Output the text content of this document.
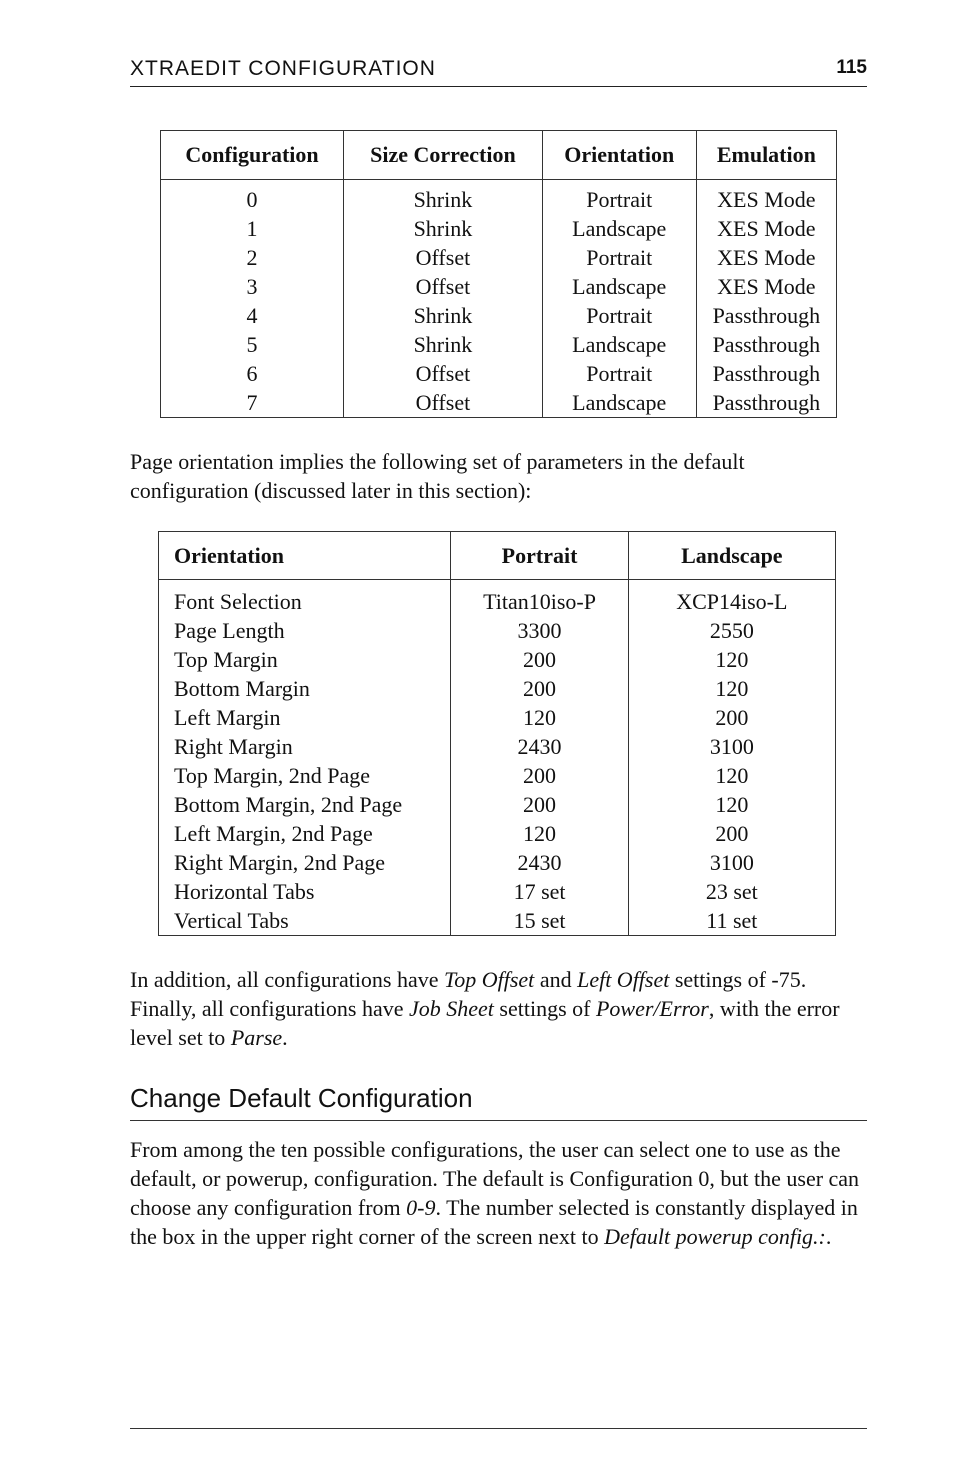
XTRAEDIT CONFIGURATION	115
Configuration	Size Correction	Orientation	Emulation
0	Shrink	Portrait	XES Mode
1	Shrink	Landscape	XES Mode
2	Offset	Portrait	XES Mode
3	Offset	Landscape	XES Mode
4	Shrink	Portrait	Passthrough
5	Shrink	Landscape	Passthrough
6	Offset	Portrait	Passthrough
7	Offset	Landscape	Passthrough

Page orientation implies the following set of parameters in the default configuration (discussed later in this section):

Orientation	Portrait	Landscape
Font Selection	Titan10iso-P	XCP14iso-L
Page Length	3300	2550
Top Margin	200	120
Bottom Margin	200	120
Left Margin	120	200
Right Margin	2430	3100
Top Margin, 2nd Page	200	120
Bottom Margin, 2nd Page	200	120
Left Margin, 2nd Page	120	200
Right Margin, 2nd Page	2430	3100
Horizontal Tabs	17 set	23 set
Vertical Tabs	15 set	11 set

In addition, all configurations have Top Offset and Left Offset settings of -75. Finally, all configurations have Job Sheet settings of Power/Error, with the error level set to Parse.

Change Default Configuration

From among the ten possible configurations, the user can select one to use as the default, or powerup, configuration. The default is Configuration 0, but the user can choose any configuration from 0-9. The number selected is constantly displayed in the box in the upper right corner of the screen next to Default powerup config.:.
